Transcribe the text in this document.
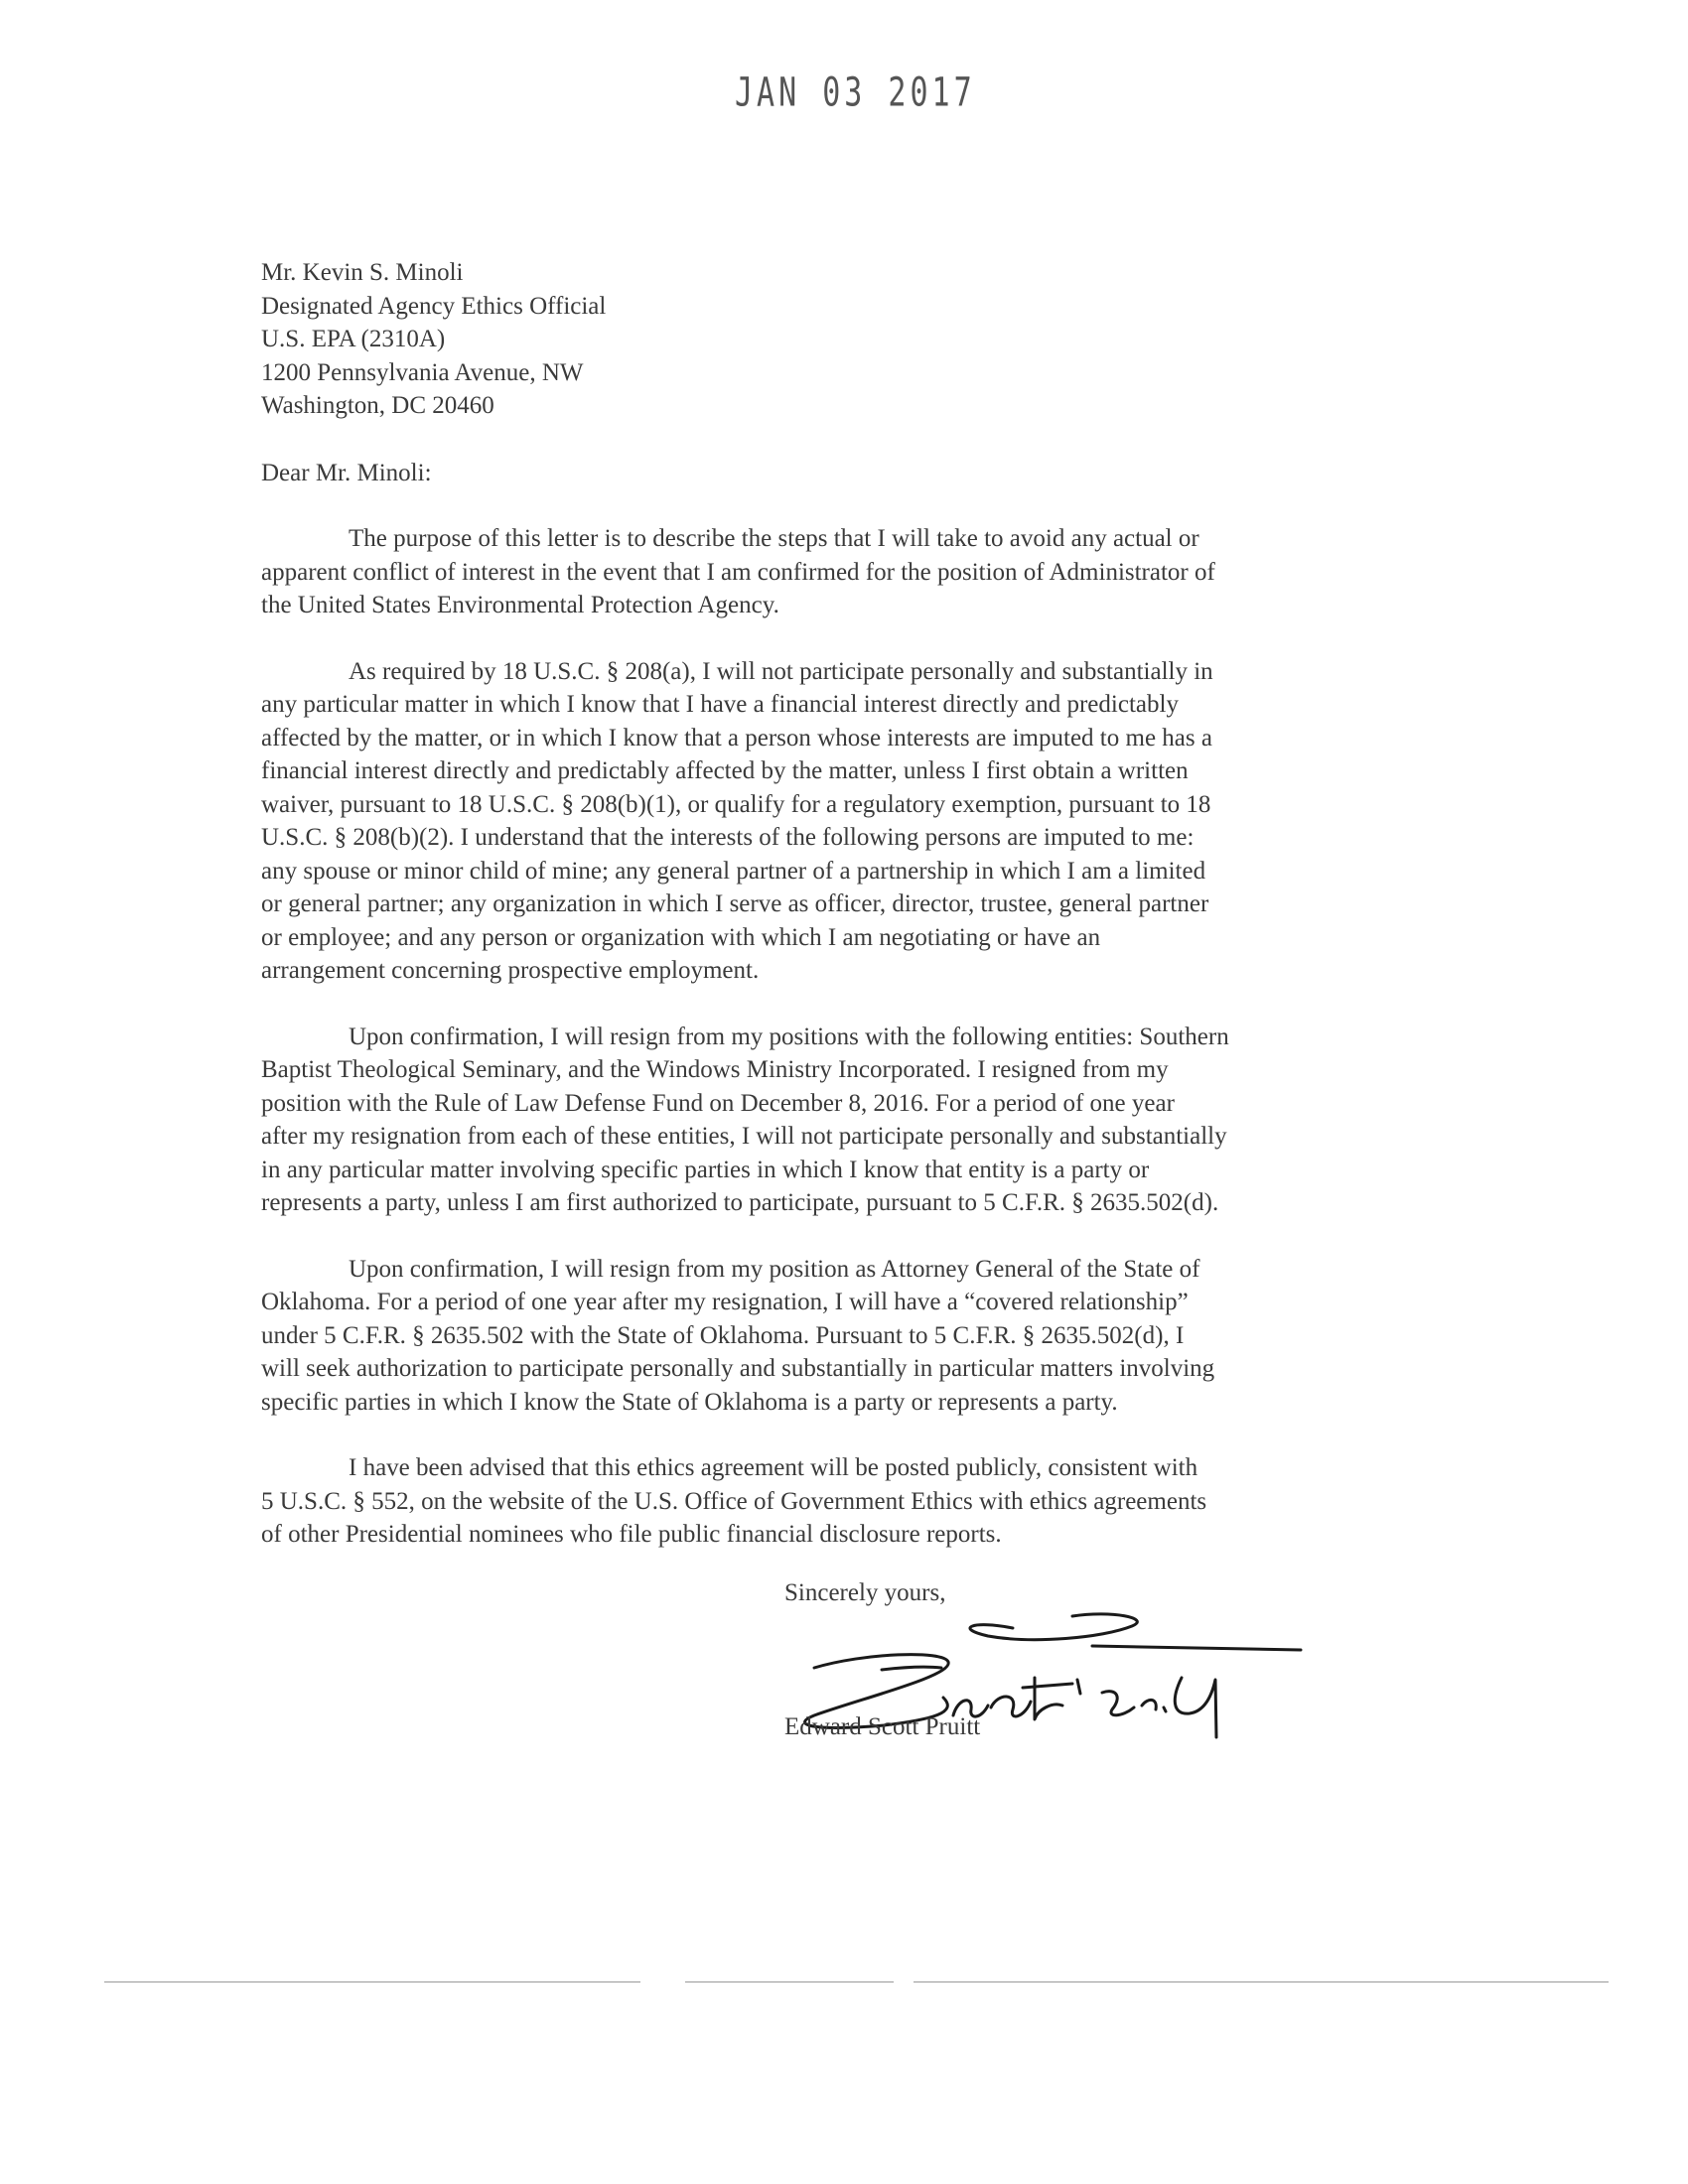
JAN 03 2017
Mr. Kevin S. Minoli
Designated Agency Ethics Official
U.S. EPA (2310A)
1200 Pennsylvania Avenue, NW
Washington, DC 20460
Dear Mr. Minoli:
The purpose of this letter is to describe the steps that I will take to avoid any actual or
apparent conflict of interest in the event that I am confirmed for the position of Administrator of
the United States Environmental Protection Agency.
As required by 18 U.S.C. § 208(a), I will not participate personally and substantially in
any particular matter in which I know that I have a financial interest directly and predictably
affected by the matter, or in which I know that a person whose interests are imputed to me has a
financial interest directly and predictably affected by the matter, unless I first obtain a written
waiver, pursuant to 18 U.S.C. § 208(b)(1), or qualify for a regulatory exemption, pursuant to 18
U.S.C. § 208(b)(2). I understand that the interests of the following persons are imputed to me:
any spouse or minor child of mine; any general partner of a partnership in which I am a limited
or general partner; any organization in which I serve as officer, director, trustee, general partner
or employee; and any person or organization with which I am negotiating or have an
arrangement concerning prospective employment.
Upon confirmation, I will resign from my positions with the following entities: Southern
Baptist Theological Seminary, and the Windows Ministry Incorporated. I resigned from my
position with the Rule of Law Defense Fund on December 8, 2016. For a period of one year
after my resignation from each of these entities, I will not participate personally and substantially
in any particular matter involving specific parties in which I know that entity is a party or
represents a party, unless I am first authorized to participate, pursuant to 5 C.F.R. § 2635.502(d).
Upon confirmation, I will resign from my position as Attorney General of the State of
Oklahoma. For a period of one year after my resignation, I will have a “covered relationship”
under 5 C.F.R. § 2635.502 with the State of Oklahoma. Pursuant to 5 C.F.R. § 2635.502(d), I
will seek authorization to participate personally and substantially in particular matters involving
specific parties in which I know the State of Oklahoma is a party or represents a party.
I have been advised that this ethics agreement will be posted publicly, consistent with
5 U.S.C. § 552, on the website of the U.S. Office of Government Ethics with ethics agreements
of other Presidential nominees who file public financial disclosure reports.
Sincerely yours,
Edward Scott Pruitt
